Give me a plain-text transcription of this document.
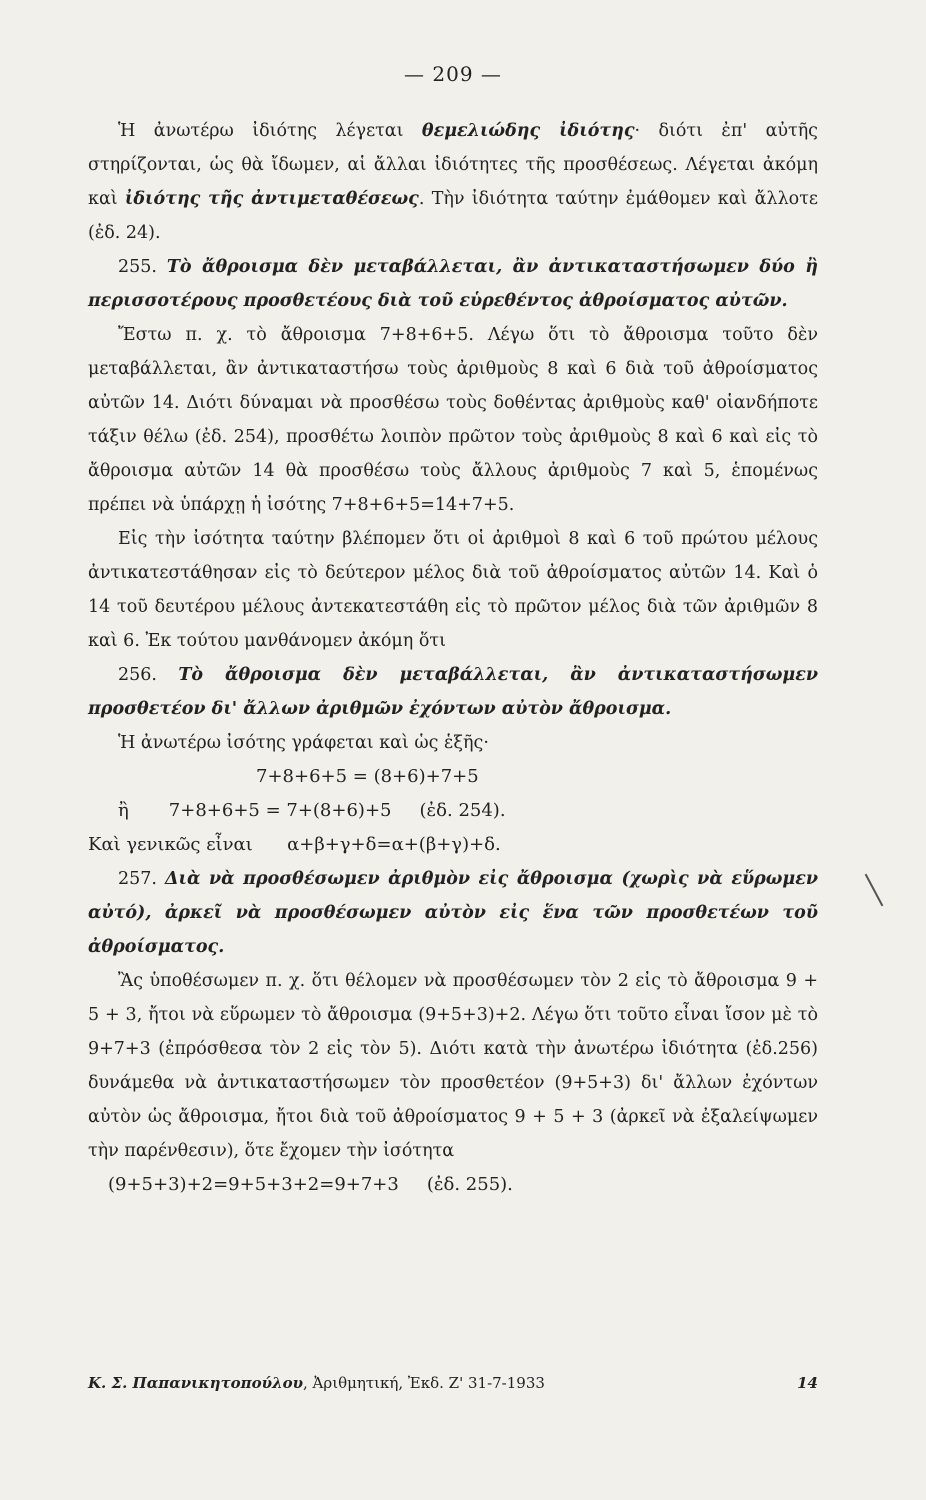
— 209 —

Ἡ ἀνωτέρω ἰδιότης λέγεται θεμελιώδης ἰδιότης· διότι ἐπ' αὐτῆς στηρίζονται, ὡς θὰ ἴδωμεν, αἱ ἄλλαι ἰδιότητες τῆς προσθέσεως. Λέγεται ἀκόμη καὶ ἰδιότης τῆς ἀντιμεταθέσεως. Τὴν ἰδιότητα ταύτην ἐμάθομεν καὶ ἄλλοτε (ἐδ. 24).

255. Τὸ ἄθροισμα δὲν μεταβάλλεται, ἂν ἀντικαταστήσωμεν δύο ἢ περισσοτέρους προσθετέους διὰ τοῦ εὑρεθέντος ἀθροίσματος αὐτῶν.

Ἔστω π. χ. τὸ ἄθροισμα 7+8+6+5. Λέγω ὅτι τὸ ἄθροισμα τοῦτο δὲν μεταβάλλεται, ἂν ἀντικαταστήσω τοὺς ἀριθμοὺς 8 καὶ 6 διὰ τοῦ ἀθροίσματος αὐτῶν 14. Διότι δύναμαι νὰ προσθέσω τοὺς δοθέντας ἀριθμοὺς καθ' οἱανδήποτε τάξιν θέλω (ἐδ. 254), προσθέτω λοιπὸν πρῶτον τοὺς ἀριθμοὺς 8 καὶ 6 καὶ εἰς τὸ ἄθροισμα αὐτῶν 14 θὰ προσθέσω τοὺς ἄλλους ἀριθμοὺς 7 καὶ 5, ἑπομένως πρέπει νὰ ὑπάρχῃ ἡ ἰσότης 7+8+6+5=14+7+5.

Εἰς τὴν ἰσότητα ταύτην βλέπομεν ὅτι οἱ ἀριθμοὶ 8 καὶ 6 τοῦ πρώτου μέλους ἀντικατεστάθησαν εἰς τὸ δεύτερον μέλος διὰ τοῦ ἀθροίσματος αὐτῶν 14. Καὶ ὁ 14 τοῦ δευτέρου μέλους ἀντεκατεστάθη εἰς τὸ πρῶτον μέλος διὰ τῶν ἀριθμῶν 8 καὶ 6. Ἐκ τούτου μανθάνομεν ἀκόμη ὅτι

256. Τὸ ἄθροισμα δὲν μεταβάλλεται, ἂν ἀντικαταστήσωμεν προσθετέον δι' ἄλλων ἀριθμῶν ἐχόντων αὐτὸν ἄθροισμα.

Ἡ ἀνωτέρω ἰσότης γράφεται καὶ ὡς ἑξῆς·

7+8+6+5 = (8+6)+7+5

ἢ 7+8+6+5 = 7+(8+6)+5 (ἐδ. 254).

Καὶ γενικῶς εἶναι α+β+γ+δ=α+(β+γ)+δ.

257. Διὰ νὰ προσθέσωμεν ἀριθμὸν εἰς ἄθροισμα (χωρὶς νὰ εὕρωμεν αὐτό), ἀρκεῖ νὰ προσθέσωμεν αὐτὸν εἰς ἕνα τῶν προσθετέων τοῦ ἀθροίσματος.

Ἂς ὑποθέσωμεν π. χ. ὅτι θέλομεν νὰ προσθέσωμεν τὸν 2 εἰς τὸ ἄθροισμα 9 + 5 + 3, ἤτοι νὰ εὕρωμεν τὸ ἄθροισμα (9+5+3)+2. Λέγω ὅτι τοῦτο εἶναι ἴσον μὲ τὸ 9+7+3 (ἐπρόσθεσα τὸν 2 εἰς τὸν 5). Διότι κατὰ τὴν ἀνωτέρω ἰδιότητα (ἐδ.256) δυνάμεθα νὰ ἀντικαταστήσωμεν τὸν προσθετέον (9+5+3) δι' ἄλλων ἐχόντων αὐτὸν ὡς ἄθροισμα, ἤτοι διὰ τοῦ ἀθροίσματος 9 + 5 + 3 (ἀρκεῖ νὰ ἐξαλείψωμεν τὴν παρένθεσιν), ὅτε ἔχομεν τὴν ἰσότητα

(9+5+3)+2=9+5+3+2=9+7+3 (ἐδ. 255).

Κ. Σ. Παπανικητοπούλου, Ἀριθμητική, Ἐκδ. Ζ' 31-7-1933	14
